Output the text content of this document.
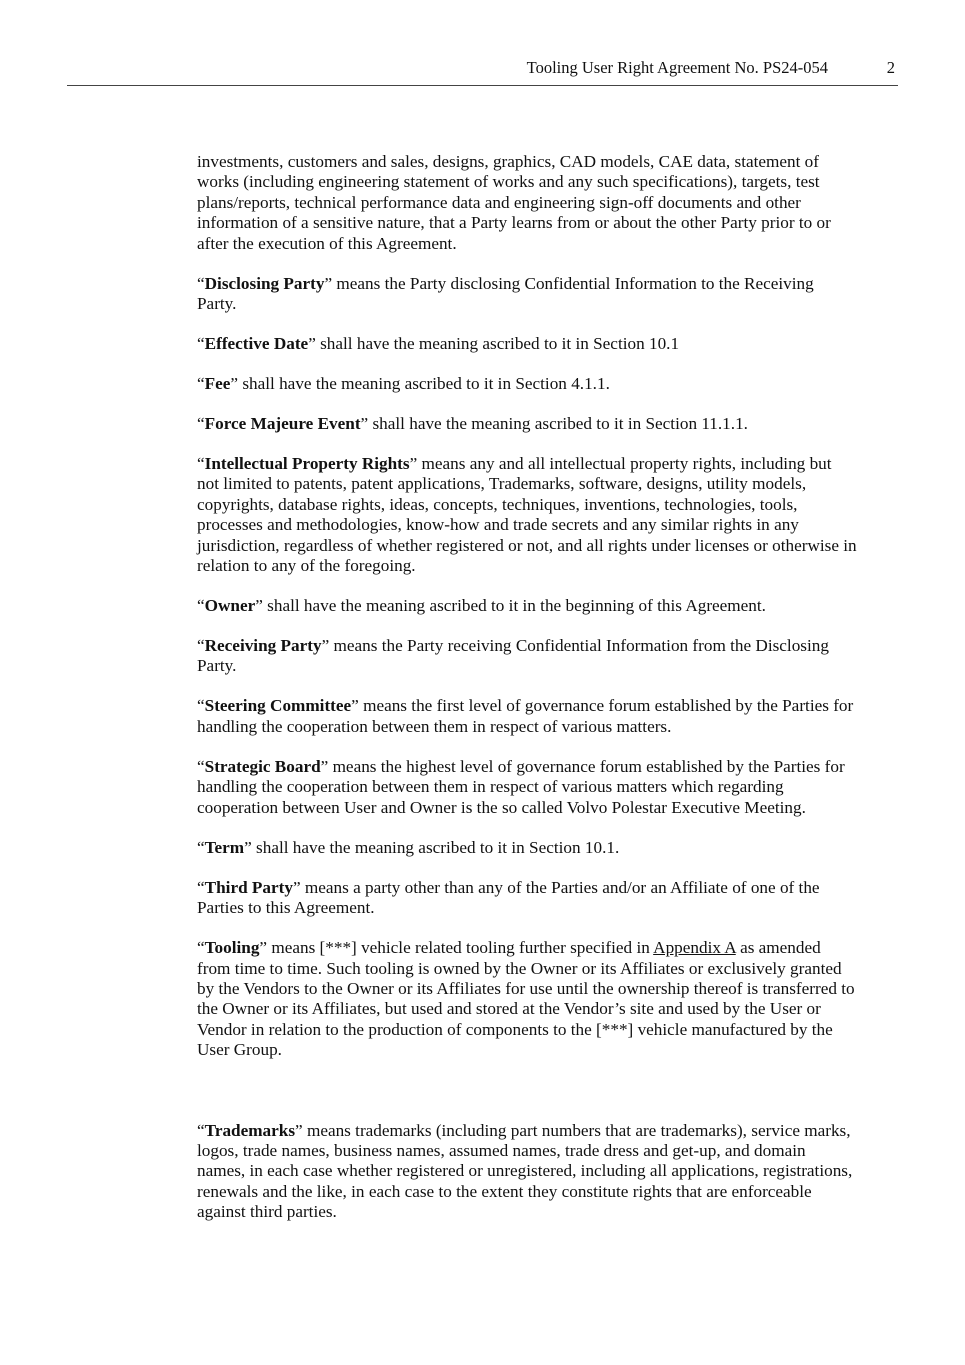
Tooling User Right Agreement No. PS24-054	2

investments, customers and sales, designs, graphics, CAD models, CAE data, statement of works (including engineering statement of works and any such specifications), targets, test plans/reports, technical performance data and engineering sign-off documents and other information of a sensitive nature, that a Party learns from or about the other Party prior to or after the execution of this Agreement.

“Disclosing Party” means the Party disclosing Confidential Information to the Receiving Party.

“Effective Date” shall have the meaning ascribed to it in Section 10.1

“Fee” shall have the meaning ascribed to it in Section 4.1.1.

“Force Majeure Event” shall have the meaning ascribed to it in Section 11.1.1.

“Intellectual Property Rights” means any and all intellectual property rights, including but not limited to patents, patent applications, Trademarks, software, designs, utility models, copyrights, database rights, ideas, concepts, techniques, inventions, technologies, tools, processes and methodologies, know-how and trade secrets and any similar rights in any jurisdiction, regardless of whether registered or not, and all rights under licenses or otherwise in relation to any of the foregoing.

“Owner” shall have the meaning ascribed to it in the beginning of this Agreement.

“Receiving Party” means the Party receiving Confidential Information from the Disclosing Party.

“Steering Committee” means the first level of governance forum established by the Parties for handling the cooperation between them in respect of various matters.

“Strategic Board” means the highest level of governance forum established by the Parties for handling the cooperation between them in respect of various matters which regarding cooperation between User and Owner is the so called Volvo Polestar Executive Meeting.

“Term” shall have the meaning ascribed to it in Section 10.1.

“Third Party” means a party other than any of the Parties and/or an Affiliate of one of the Parties to this Agreement.

“Tooling” means [***] vehicle related tooling further specified in Appendix A as amended from time to time. Such tooling is owned by the Owner or its Affiliates or exclusively granted by the Vendors to the Owner or its Affiliates for use until the ownership thereof is transferred to the Owner or its Affiliates, but used and stored at the Vendor’s site and used by the User or Vendor in relation to the production of components to the [***] vehicle manufactured by the User Group.

“Trademarks” means trademarks (including part numbers that are trademarks), service marks, logos, trade names, business names, assumed names, trade dress and get-up, and domain names, in each case whether registered or unregistered, including all applications, registrations, renewals and the like, in each case to the extent they constitute rights that are enforceable against third parties.
